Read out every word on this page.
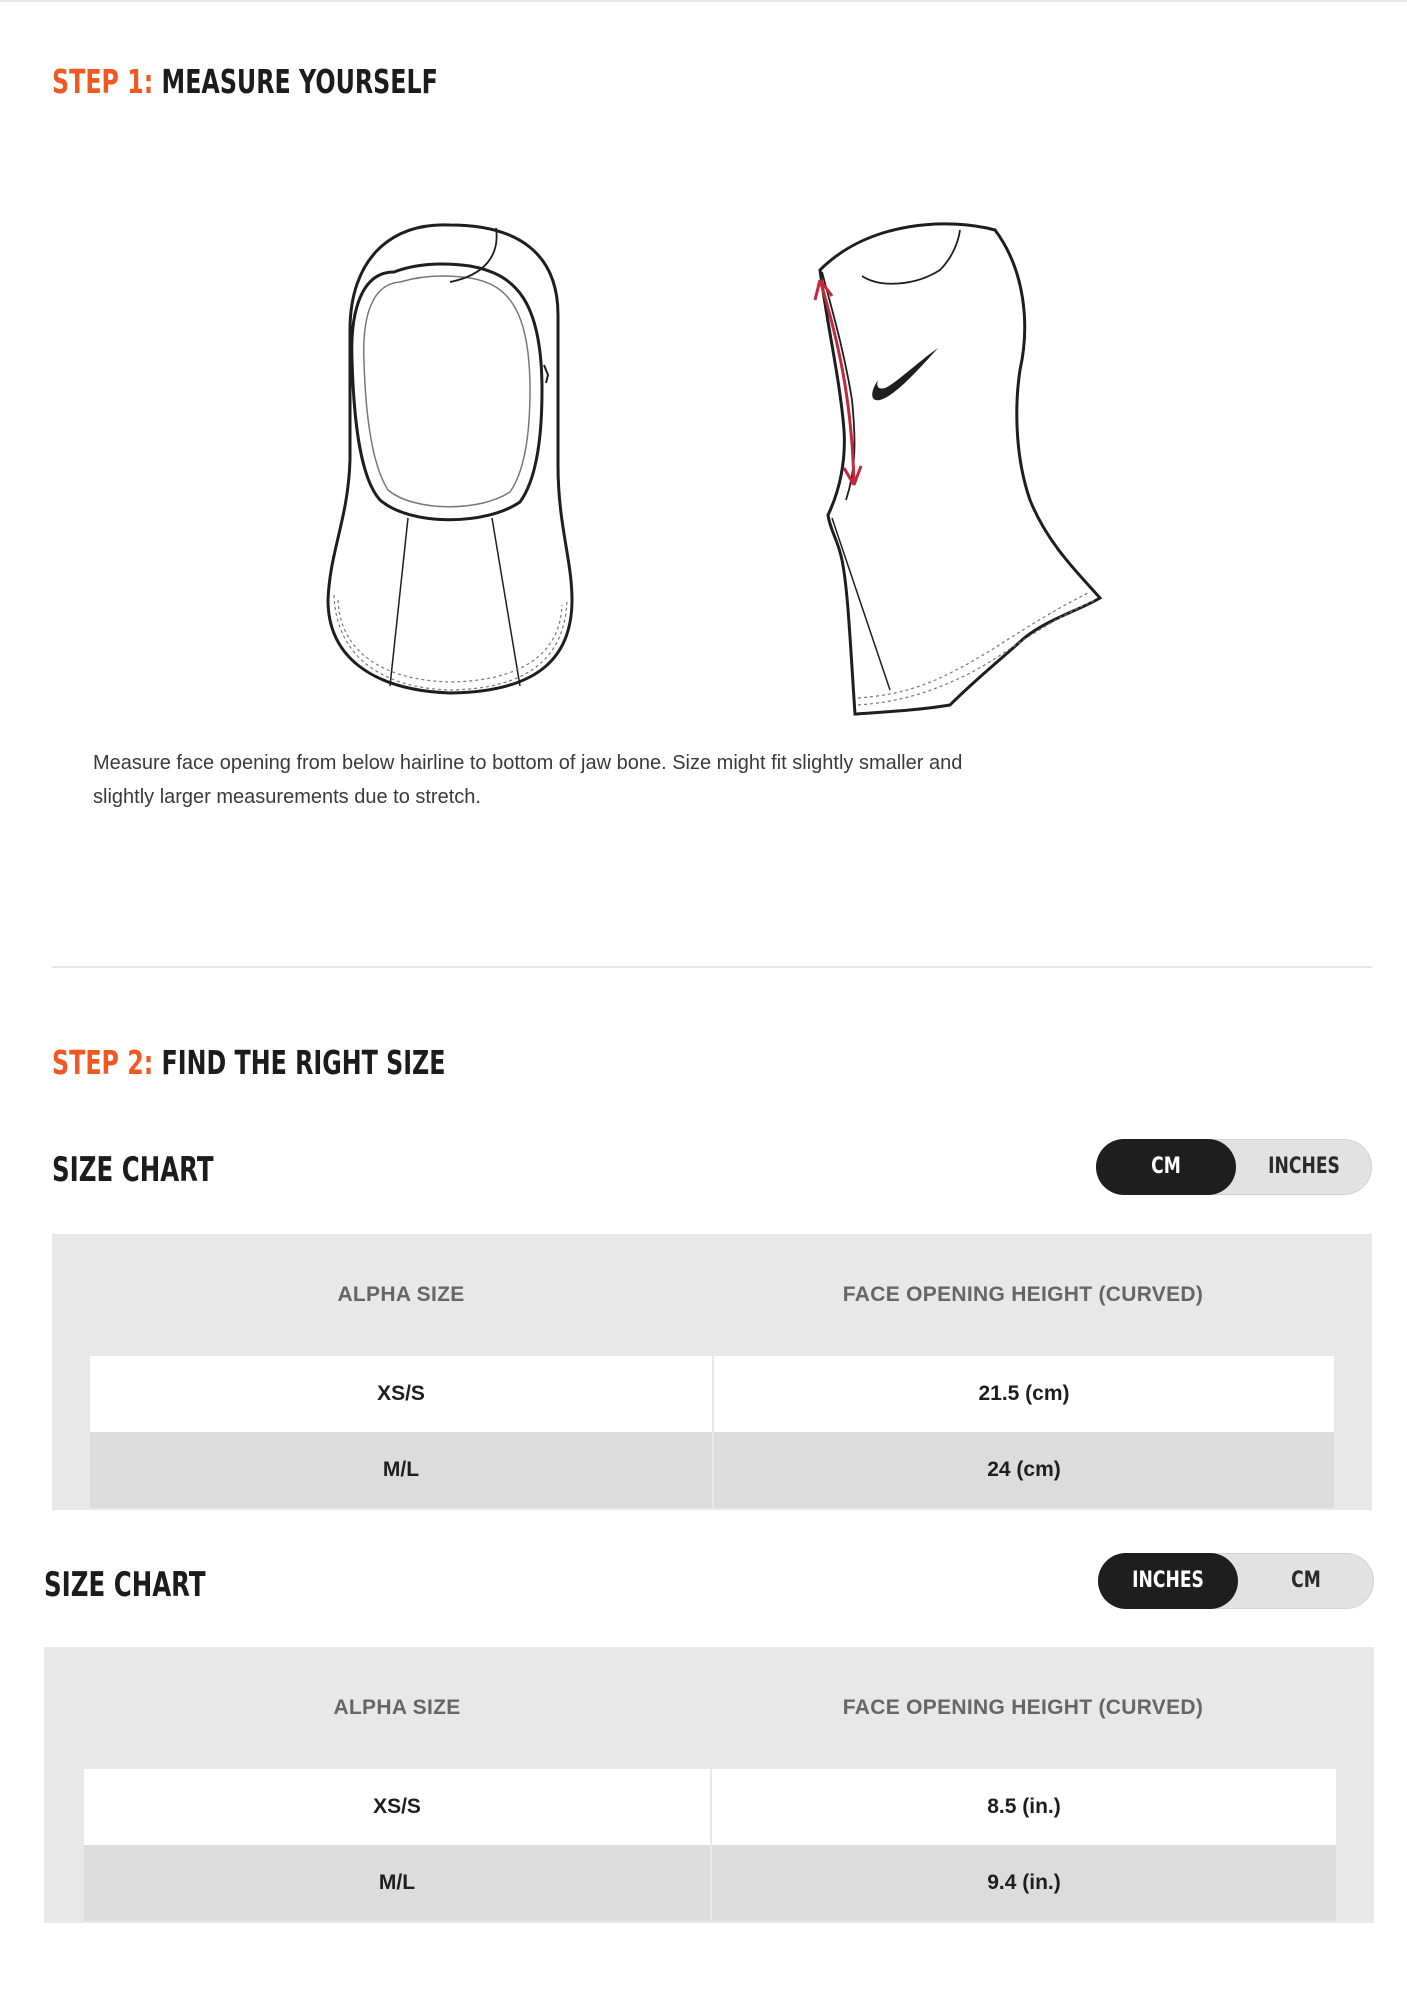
STEP 1: MEASURE YOURSELF

Measure face opening from below hairline to bottom of jaw bone. Size might fit slightly smaller and slightly larger measurements due to stretch.

STEP 2: FIND THE RIGHT SIZE
SIZE CHART	CM	INCHES
ALPHA SIZE	FACE OPENING HEIGHT (CURVED)
XS/S	21.5 (cm)
M/L	24 (cm)
SIZE CHART	INCHES	CM
ALPHA SIZE	FACE OPENING HEIGHT (CURVED)
XS/S	8.5 (in.)
M/L	9.4 (in.)
